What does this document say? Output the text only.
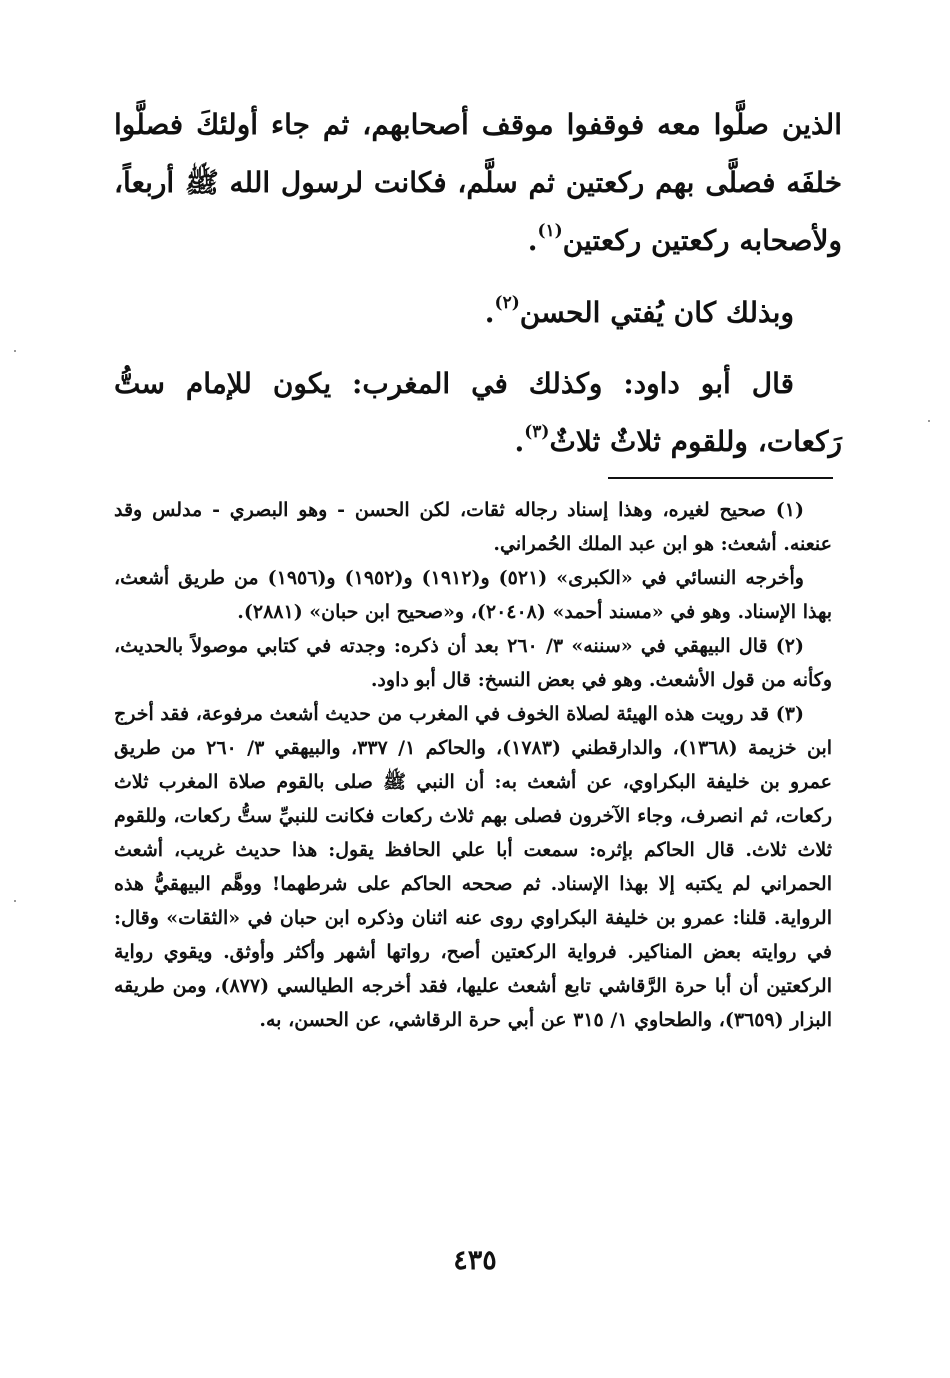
الذين صلَّوا معه فوقفوا موقف أصحابهم، ثم جاء أولئكَ فصلَّوا خلفَه فصلَّى بهم ركعتين ثم سلَّم، فكانت لرسول الله ﷺ أربعاً، ولأصحابه ركعتين ركعتين$^{(١)}$.

وبذلك كان يُفتي الحسن$^{(٢)}$.

قال أبو داود: وكذلك في المغرب: يكون للإمام ستُّ رَكعات، وللقوم ثلاثٌ ثلاثٌ$^{(٣)}$.

(١) صحيح لغيره، وهذا إسناد رجاله ثقات، لكن الحسن - وهو البصري - مدلس وقد عنعنه. أشعث: هو ابن عبد الملك الحُمراني.

وأخرجه النسائي في «الكبرى» (٥٢١) و(١٩١٢) و(١٩٥٢) و(١٩٥٦) من طريق أشعث، بهذا الإسناد. وهو في «مسند أحمد» (٢٠٤٠٨)، و«صحيح ابن حبان» (٢٨٨١).

(٢) قال البيهقي في «سننه» ٣/ ٢٦٠ بعد أن ذكره: وجدته في كتابي موصولاً بالحديث، وكأنه من قول الأشعث. وهو في بعض النسخ: قال أبو داود.

(٣) قد رويت هذه الهيئة لصلاة الخوف في المغرب من حديث أشعث مرفوعة، فقد أخرج ابن خزيمة (١٣٦٨)، والدارقطني (١٧٨٣)، والحاكم ١/ ٣٣٧، والبيهقي ٣/ ٢٦٠ من طريق عمرو بن خليفة البكراوي، عن أشعث به: أن النبي ﷺ صلى بالقوم صلاة المغرب ثلاث ركعات، ثم انصرف، وجاء الآخرون فصلى بهم ثلاث ركعات فكانت للنبيِّ ستُّ ركعات، وللقوم ثلاث ثلاث. قال الحاكم بإثره: سمعت أبا علي الحافظ يقول: هذا حديث غريب، أشعث الحمراني لم يكتبه إلا بهذا الإسناد. ثم صححه الحاكم على شرطهما! ووهَّم البيهقيُّ هذه الرواية. قلنا: عمرو بن خليفة البكراوي روى عنه اثنان وذكره ابن حبان في «الثقات» وقال: في روايته بعض المناكير. فرواية الركعتين أصح، رواتها أشهر وأكثر وأوثق. ويقوي رواية الركعتين أن أبا حرة الرَّقاشي تابع أشعث عليها، فقد أخرجه الطيالسي (٨٧٧)، ومن طريقه البزار (٣٦٥٩)، والطحاوي ١/ ٣١٥ عن أبي حرة الرقاشي، عن الحسن، به.

٤٣٥
